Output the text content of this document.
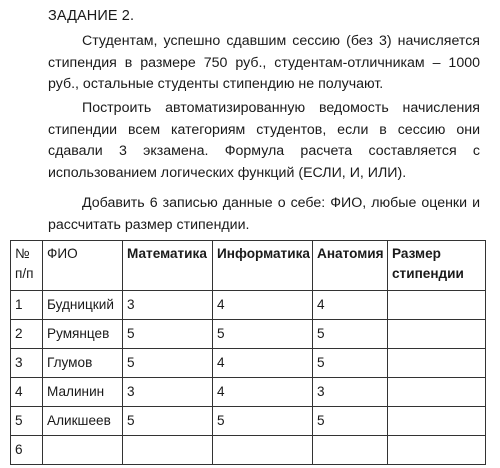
ЗАДАНИЕ 2.
Студентам, успешно сдавшим сессию (без 3) начисляется стипендия в размере 750 руб., студентам-отличникам – 1000 руб., остальные студенты стипендию не получают.
Построить автоматизированную ведомость начисления стипендии всем категориям студентов, если в сессию они сдавали 3 экзамена. Формула расчета составляется с использованием логических функций (ЕСЛИ, И, ИЛИ).
Добавить 6 записью данные о себе: ФИО, любые оценки и рассчитать размер стипендии.
№ п/п	ФИО	Математика	Информатика	Анатомия	Размер стипендии
1	Будницкий	3	4	4	
2	Румянцев	5	5	5	
3	Глумов	5	4	5	
4	Малинин	3	4	3	
5	Аликшеев	5	5	5	
6					
